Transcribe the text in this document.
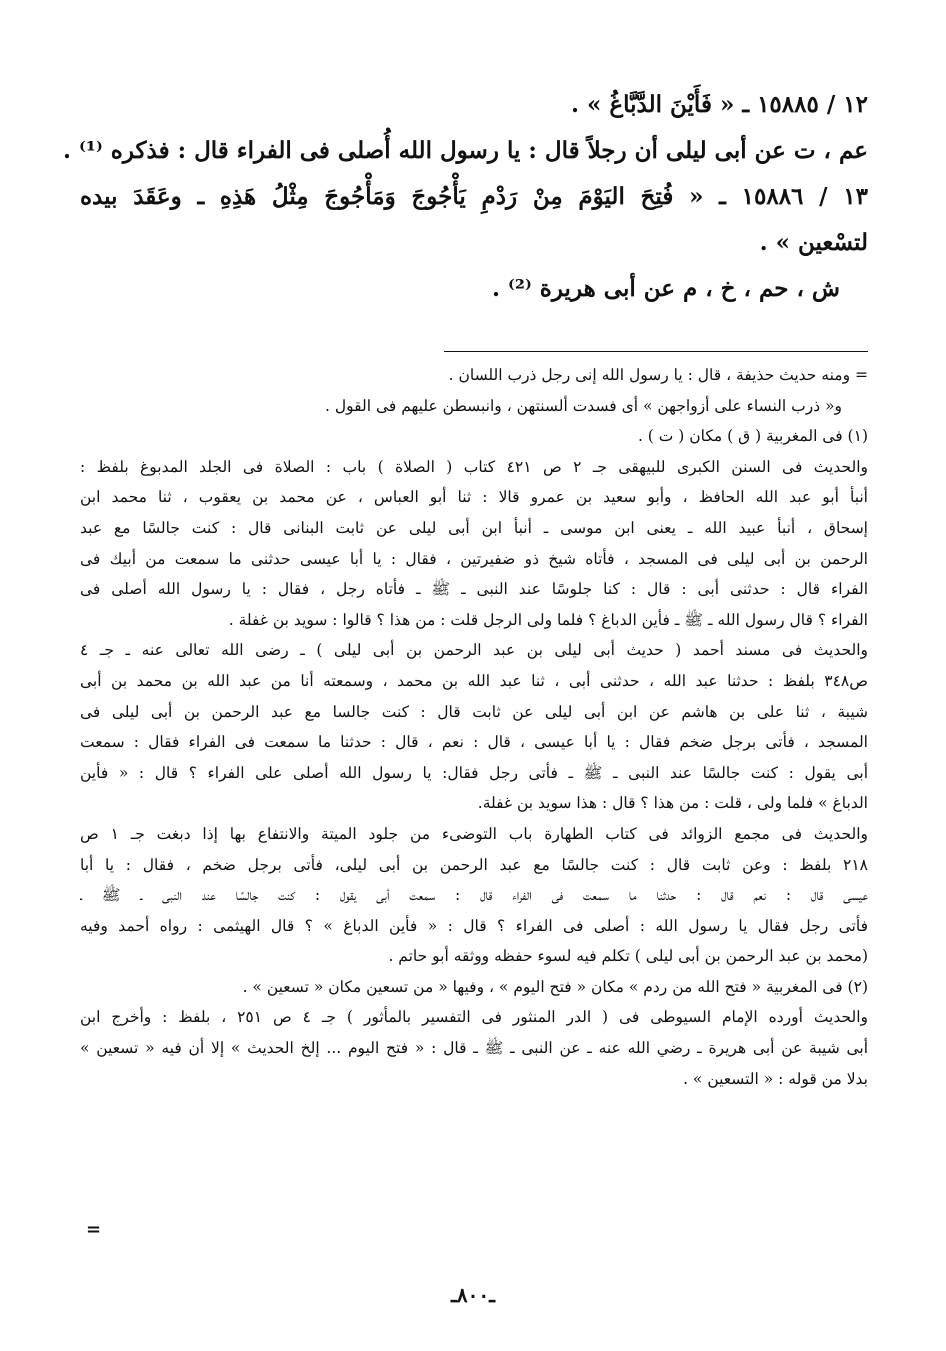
١٢ / ١٥٨٨٥ ـ « فَأَيْنَ الدَّبَّاغُ » .
عم ، ت عن أبى ليلى أن رجلاً قال : يا رسول الله أُصلى فى الفراء قال : فذكره ⁽¹⁾ .
١٣ / ١٥٨٨٦ ـ « فُتِحَ اليَوْمَ مِنْ رَدْمِ يَأْجُوجَ وَمَأْجُوجَ مِثْلُ هَذِهِ ـ وعَقَدَ بيده
لتسْعين » .
ش ، حم ، خ ، م عن أبى هريرة ⁽²⁾ .
= ومنه حديث حذيفة ، قال : يا رسول الله إنى رجل ذرب اللسان .
و« ذرب النساء على أزواجهن » أى فسدت ألسنتهن ، وانبسطن عليهم فى القول .
(١) فى المغربية ( ق ) مكان ( ت ) .
والحديث فى السنن الكبرى للبيهقى جـ ٢ ص ٤٢١ كتاب ( الصلاة ) باب : الصلاة فى الجلد المدبوغ بلفظ :
أنبأ أبو عبد الله الحافظ ، وأبو سعيد بن عمرو قالا : ثنا أبو العباس ، عن محمد بن يعقوب ، ثنا محمد ابن
إسحاق ، أنبأ عبيد الله ـ يعنى ابن موسى ـ أنبأ ابن أبى ليلى عن ثابت البنانى قال : كنت جالسًا مع عبد
الرحمن بن أبى ليلى فى المسجد ، فأتاه شيخ ذو ضفيرتين ، فقال : يا أبا عيسى حدثنى ما سمعت من أبيك فى
الفراء قال : حدثنى أبى : قال : كنا جلوسًا عند النبى ـ ﷺ ـ فأتاه رجل ، فقال : يا رسول الله أصلى فى
الفراء ؟ قال رسول الله ـ ﷺ ـ فأين الدباغ ؟ فلما ولى الرجل قلت : من هذا ؟ قالوا : سويد بن غفلة .
والحديث فى مسند أحمد ( حديث أبى ليلى بن عبد الرحمن بن أبى ليلى ) ـ رضى الله تعالى عنه ـ جـ ٤
ص٣٤٨ بلفظ : حدثنا عبد الله ، حدثنى أبى ، ثنا عبد الله بن محمد ، وسمعته أنا من عبد الله بن محمد بن أبى
شيبة ، ثنا على بن هاشم عن ابن أبى ليلى عن ثابت قال : كنت جالسا مع عبد الرحمن بن أبى ليلى فى
المسجد ، فأتى برجل ضخم فقال : يا أبا عيسى ، قال : نعم ، قال : حدثنا ما سمعت فى الفراء فقال : سمعت
أبى يقول : كنت جالسًا عند النبى ـ ﷺ ـ فأتى رجل فقال: يا رسول الله أصلى على الفراء ؟ قال : « فأين
الدباغ » فلما ولى ، قلت : من هذا ؟ قال : هذا سويد بن غفلة.
والحديث فى مجمع الزوائد فى كتاب الطهارة باب التوضىء من جلود الميتة والانتفاع بها إذا دبغت جـ ١ ص
٢١٨ بلفظ : وعن ثابت قال : كنت جالسًا مع عبد الرحمن بن أبى ليلى، فأتى برجل ضخم ، فقال : يا أبا
عيسى قال : نعم قال : حدثنا ما سمعت فى الفراء قال : سمعت أبى يقول : كنت جالسًا عند النبى ـ ﷺ ـ
فأتى رجل فقال يا رسول الله : أصلى فى الفراء ؟ قال : « فأين الدباغ » ؟ قال الهيثمى : رواه أحمد وفيه
(محمد بن عبد الرحمن بن أبى ليلى ) تكلم فيه لسوء حفظه ووثقه أبو حاتم .
(٢) فى المغربية « فتح الله من ردم » مكان « فتح اليوم » ، وفيها « من تسعين مكان « تسعين » .
والحديث أورده الإمام السيوطى فى ( الدر المنثور فى التفسير بالمأثور ) جـ ٤ ص ٢٥١ ، بلفظ : وأخرج ابن
أبى شيبة عن أبى هريرة ـ رضي الله عنه ـ عن النبى ـ ﷺ ـ قال : « فتح اليوم ... إلخ الحديث » إلا أن فيه « تسعين »
بدلا من قوله : « التسعين » .
=
ـ٨٠٠ـ
